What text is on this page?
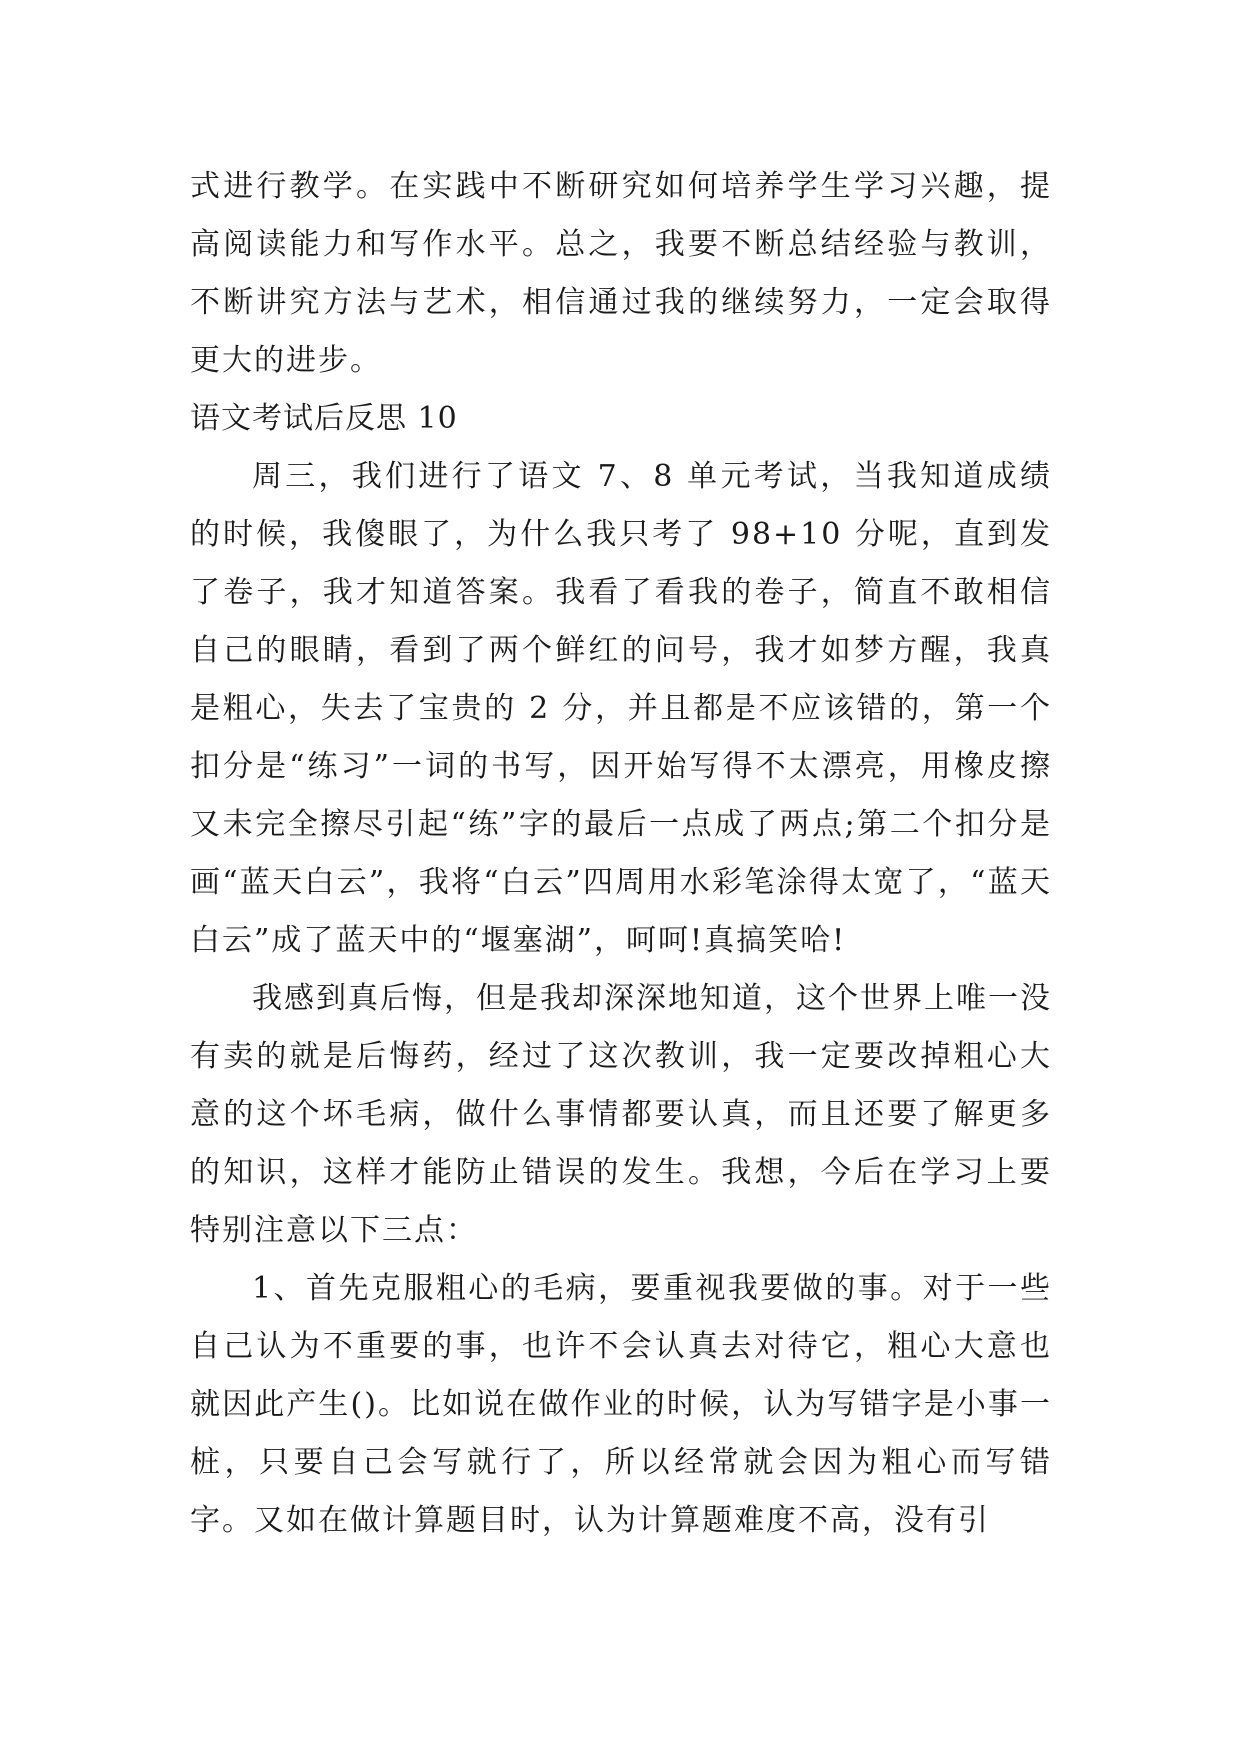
式进行教学。在实践中不断研究如何培养学生学习兴趣，提高阅读能力和写作水平。总之，我要不断总结经验与教训，不断讲究方法与艺术，相信通过我的继续努力，一定会取得更大的进步。

语文考试后反思 10

周三，我们进行了语文 7、8 单元考试，当我知道成绩的时候，我傻眼了，为什么我只考了 98+10 分呢，直到发了卷子，我才知道答案。我看了看我的卷子，简直不敢相信自己的眼睛，看到了两个鲜红的问号，我才如梦方醒，我真是粗心，失去了宝贵的 2 分，并且都是不应该错的，第一个扣分是“练习”一词的书写，因开始写得不太漂亮，用橡皮擦又未完全擦尽引起“练”字的最后一点成了两点;第二个扣分是画“蓝天白云”，我将“白云”四周用水彩笔涂得太宽了，“蓝天白云”成了蓝天中的“堰塞湖”，呵呵!真搞笑哈!

我感到真后悔，但是我却深深地知道，这个世界上唯一没有卖的就是后悔药，经过了这次教训，我一定要改掉粗心大意的这个坏毛病，做什么事情都要认真，而且还要了解更多的知识，这样才能防止错误的发生。我想，今后在学习上要特别注意以下三点：

1、首先克服粗心的毛病，要重视我要做的事。对于一些自己认为不重要的事，也许不会认真去对待它，粗心大意也就因此产生()。比如说在做作业的时候，认为写错字是小事一桩，只要自己会写就行了，所以经常就会因为粗心而写错字。又如在做计算题目时，认为计算题难度不高，没有引
